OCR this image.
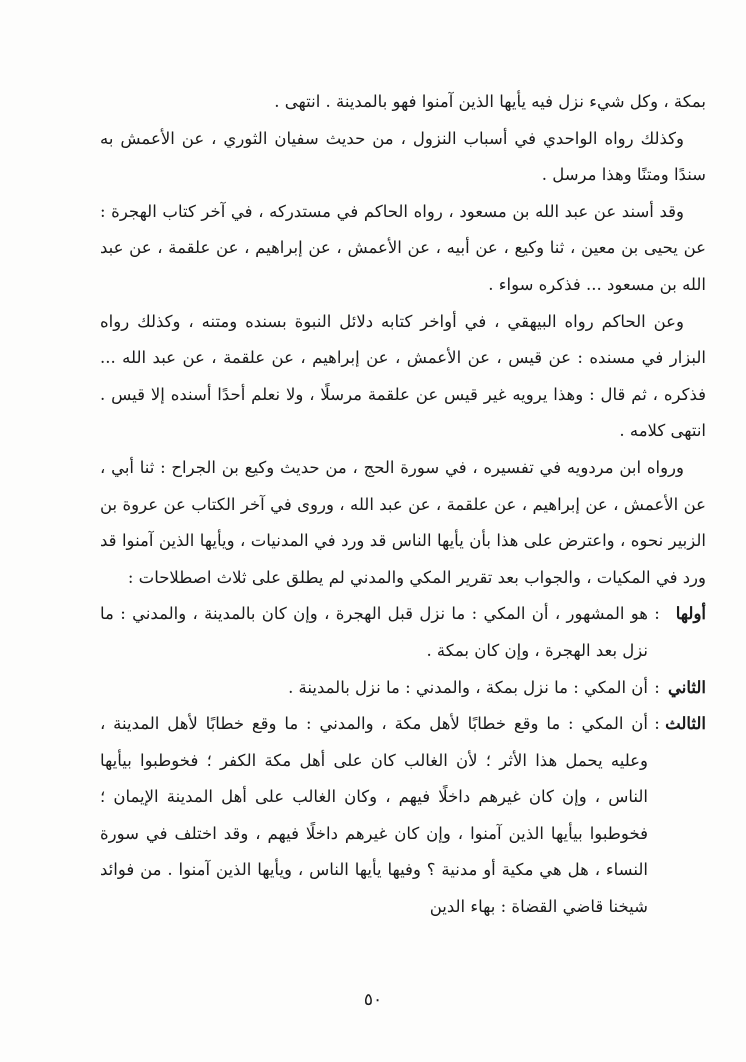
بمكة ، وكل شيء نزل فيه يأيها الذين آمنوا فهو بالمدينة . انتهى .

وكذلك رواه الواحدي في أسباب النزول ، من حديث سفيان الثوري ، عن الأعمش به سندًا ومتنًا وهذا مرسل .

وقد أسند عن عبد الله بن مسعود ، رواه الحاكم في مستدركه ، في آخر كتاب الهجرة : عن يحيى بن معين ، ثنا وكيع ، عن أبيه ، عن الأعمش ، عن إبراهيم ، عن علقمة ، عن عبد الله بن مسعود ... فذكره سواء .

وعن الحاكم رواه البيهقي ، في أواخر كتابه دلائل النبوة بسنده ومتنه ، وكذلك رواه البزار في مسنده : عن قيس ، عن الأعمش ، عن إبراهيم ، عن علقمة ، عن عبد الله ... فذكره ، ثم قال : وهذا يرويه غير قيس عن علقمة مرسلًا ، ولا نعلم أحدًا أسنده إلا قيس . انتهى كلامه .

ورواه ابن مردويه في تفسيره ، في سورة الحج ، من حديث وكيع بن الجراح : ثنا أبي ، عن الأعمش ، عن إبراهيم ، عن علقمة ، عن عبد الله ، وروى في آخر الكتاب عن عروة بن الزبير نحوه ، واعترض على هذا بأن يأيها الناس قد ورد في المدنيات ، ويأيها الذين آمنوا قد ورد في المكيات ، والجواب بعد تقرير المكي والمدني لم يطلق على ثلاث اصطلاحات :

أولها
:
هو المشهور ، أن المكي : ما نزل قبل الهجرة ، وإن كان بالمدينة ، والمدني : ما نزل بعد الهجرة ، وإن كان بمكة .
الثاني
:
أن المكي : ما نزل بمكة ، والمدني : ما نزل بالمدينة .
الثالث
:
أن المكي : ما وقع خطابًا لأهل مكة ، والمدني : ما وقع خطابًا لأهل المدينة ، وعليه يحمل هذا الأثر ؛ لأن الغالب كان على أهل مكة الكفر ؛ فخوطبوا بيأيها الناس ، وإن كان غيرهم داخلًا فيهم ، وكان الغالب على أهل المدينة الإيمان ؛ فخوطبوا بيأيها الذين آمنوا ، وإن كان غيرهم داخلًا فيهم ، وقد اختلف في سورة النساء ، هل هي مكية أو مدنية ؟ وفيها يأيها الناس ، ويأيها الذين آمنوا . من فوائد شيخنا قاضي القضاة : بهاء الدين
٥٠
